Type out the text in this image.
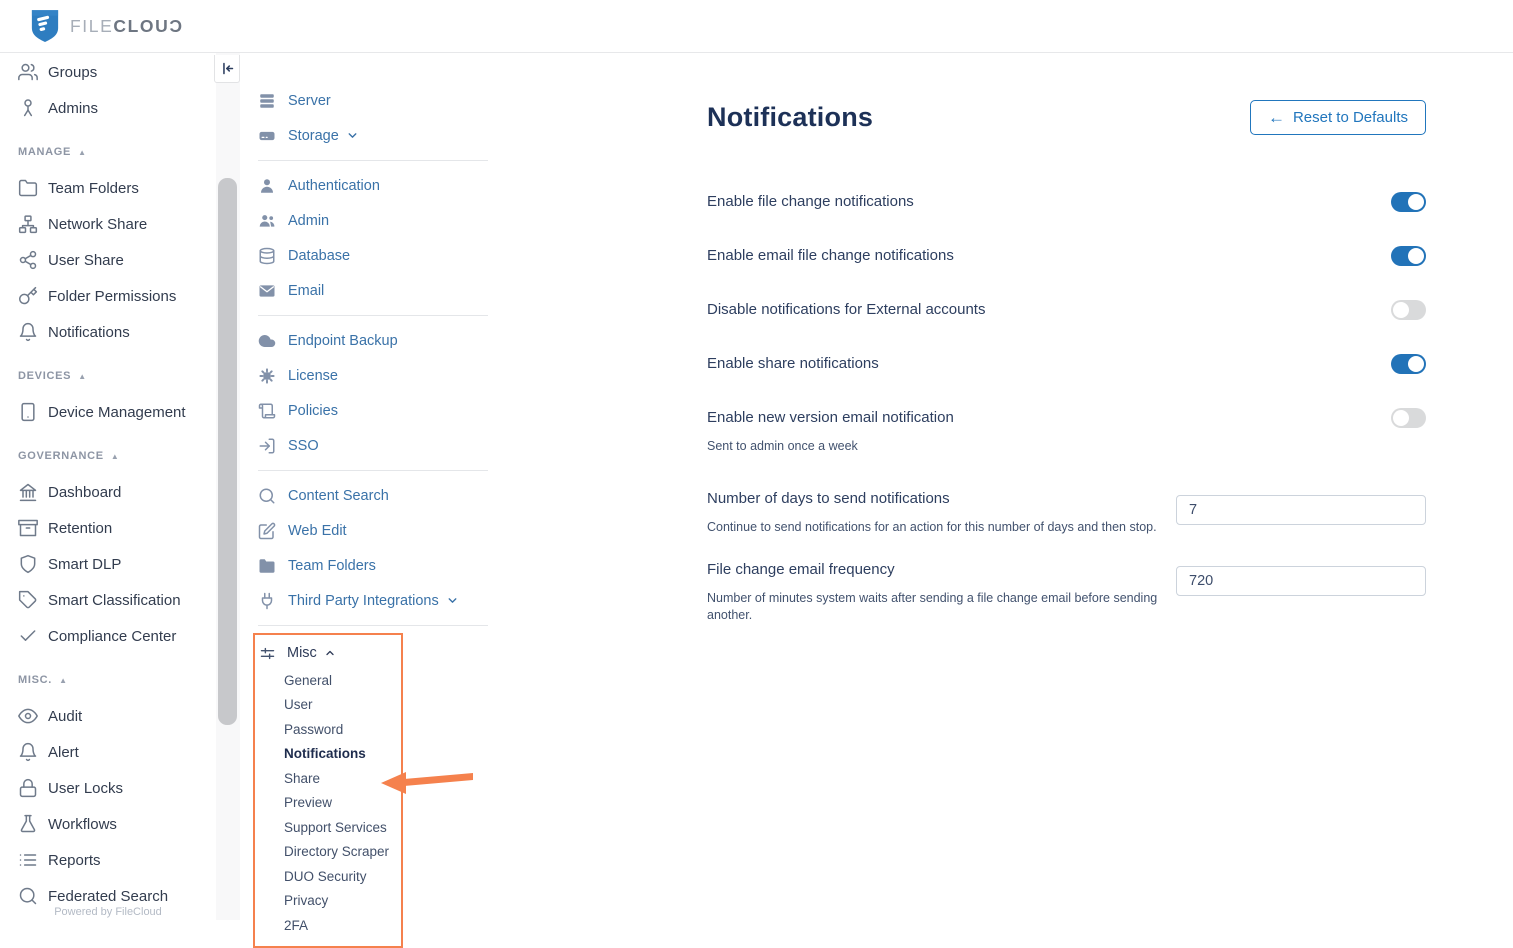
FILECLOUƆ
Groups
Admins
MANAGE ▲
Team Folders
Network Share
User Share
Folder Permissions
Notifications
DEVICES ▲
Device Management
GOVERNANCE ▲
Dashboard
Retention
Smart DLP
Smart Classification
Compliance Center
MISC. ▲
Audit
Alert
User Locks
Workflows
Reports
Federated Search
Powered by FileCloud
Server
Storage
Authentication
Admin
Database
Email
Endpoint Backup
License
Policies
SSO
Content Search
Web Edit
Team Folders
Third Party Integrations
Misc
General
User
Password
Notifications
Share
Preview
Support Services
Directory Scraper
DUO Security
Privacy
2FA
Notifications	← Reset to Defaults
Enable file change notifications
Enable email file change notifications
Disable notifications for External accounts
Enable share notifications
Enable new version email notification
Sent to admin once a week
Number of days to send notifications
Continue to send notifications for an action for this number of days and then stop.
7
File change email frequency
Number of minutes system waits after sending a file change email before sending another.
720
